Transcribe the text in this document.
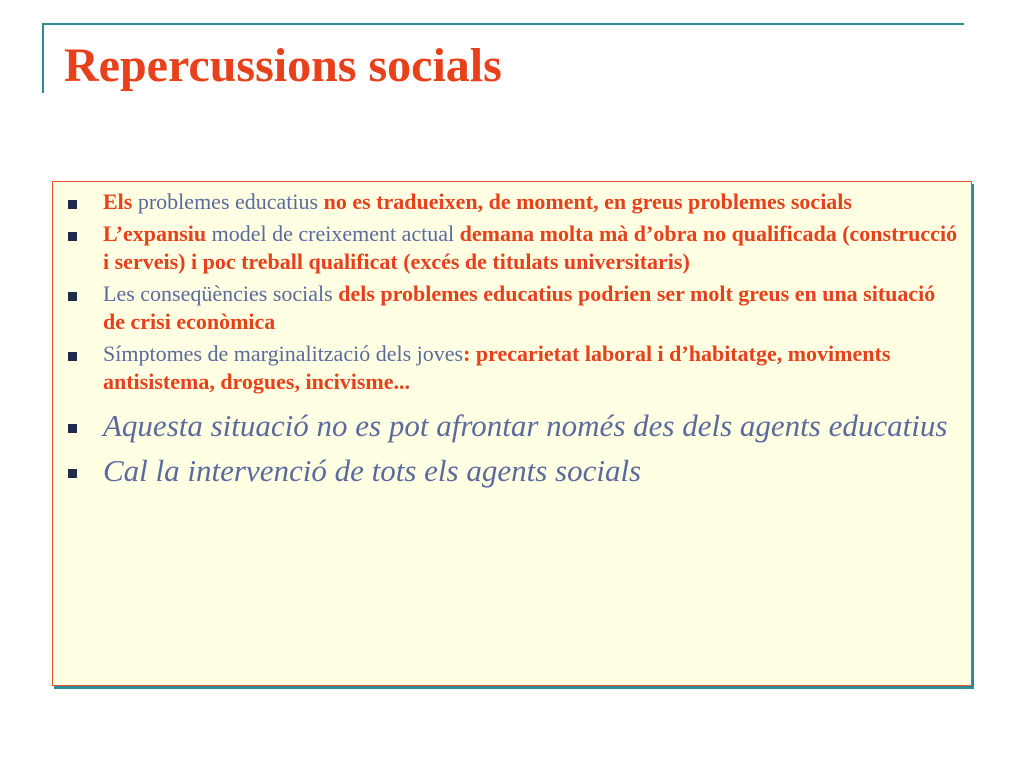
Repercussions socials
Els problemes educatius no es tradueixen, de moment, en greus problemes socials
L’expansiu model de creixement actual demana molta mà d’obra no qualificada (construcció i serveis) i poc treball qualificat (excés de titulats universitaris)
Les conseqüències socials dels problemes educatius podrien ser molt greus en una situació de crisi econòmica
Símptomes de marginalització dels joves: precarietat laboral i d’habitatge, moviments antisistema, drogues, incivisme...
Aquesta situació no es pot afrontar només des dels agents educatius
Cal la intervenció de tots els agents socials
